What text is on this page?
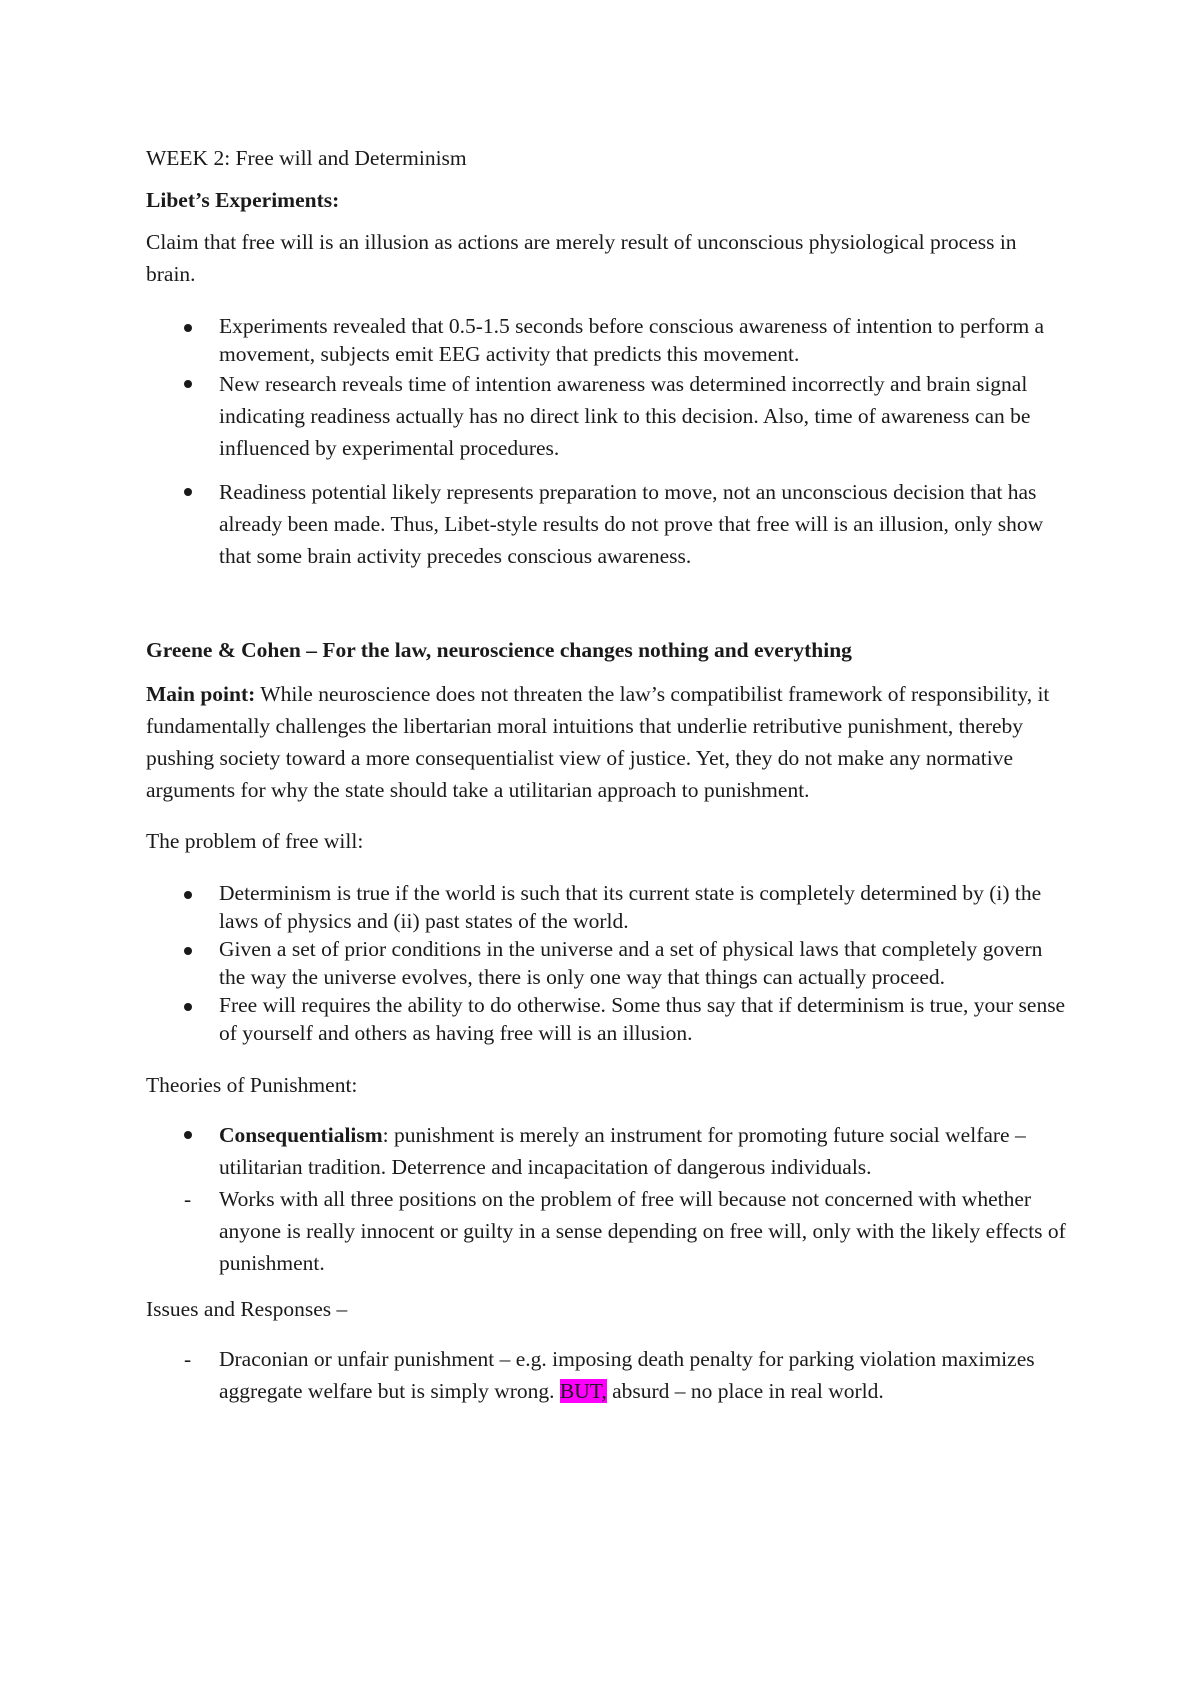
WEEK 2: Free will and Determinism

Libet’s Experiments:

Claim that free will is an illusion as actions are merely result of unconscious physiological process in brain.

Experiments revealed that 0.5-1.5 seconds before conscious awareness of intention to perform a movement, subjects emit EEG activity that predicts this movement.
New research reveals time of intention awareness was determined incorrectly and brain signal indicating readiness actually has no direct link to this decision. Also, time of awareness can be influenced by experimental procedures.
Readiness potential likely represents preparation to move, not an unconscious decision that has already been made. Thus, Libet-style results do not prove that free will is an illusion, only show that some brain activity precedes conscious awareness.

Greene & Cohen – For the law, neuroscience changes nothing and everything

Main point: While neuroscience does not threaten the law’s compatibilist framework of responsibility, it fundamentally challenges the libertarian moral intuitions that underlie retributive punishment, thereby pushing society toward a more consequentialist view of justice. Yet, they do not make any normative arguments for why the state should take a utilitarian approach to punishment.

The problem of free will:

Determinism is true if the world is such that its current state is completely determined by (i) the laws of physics and (ii) past states of the world.
Given a set of prior conditions in the universe and a set of physical laws that completely govern the way the universe evolves, there is only one way that things can actually proceed.
Free will requires the ability to do otherwise. Some thus say that if determinism is true, your sense of yourself and others as having free will is an illusion.

Theories of Punishment:

Consequentialism: punishment is merely an instrument for promoting future social welfare – utilitarian tradition. Deterrence and incapacitation of dangerous individuals.
Works with all three positions on the problem of free will because not concerned with whether anyone is really innocent or guilty in a sense depending on free will, only with the likely effects of punishment.

Issues and Responses –

Draconian or unfair punishment – e.g. imposing death penalty for parking violation maximizes aggregate welfare but is simply wrong. BUT, absurd – no place in real world.
